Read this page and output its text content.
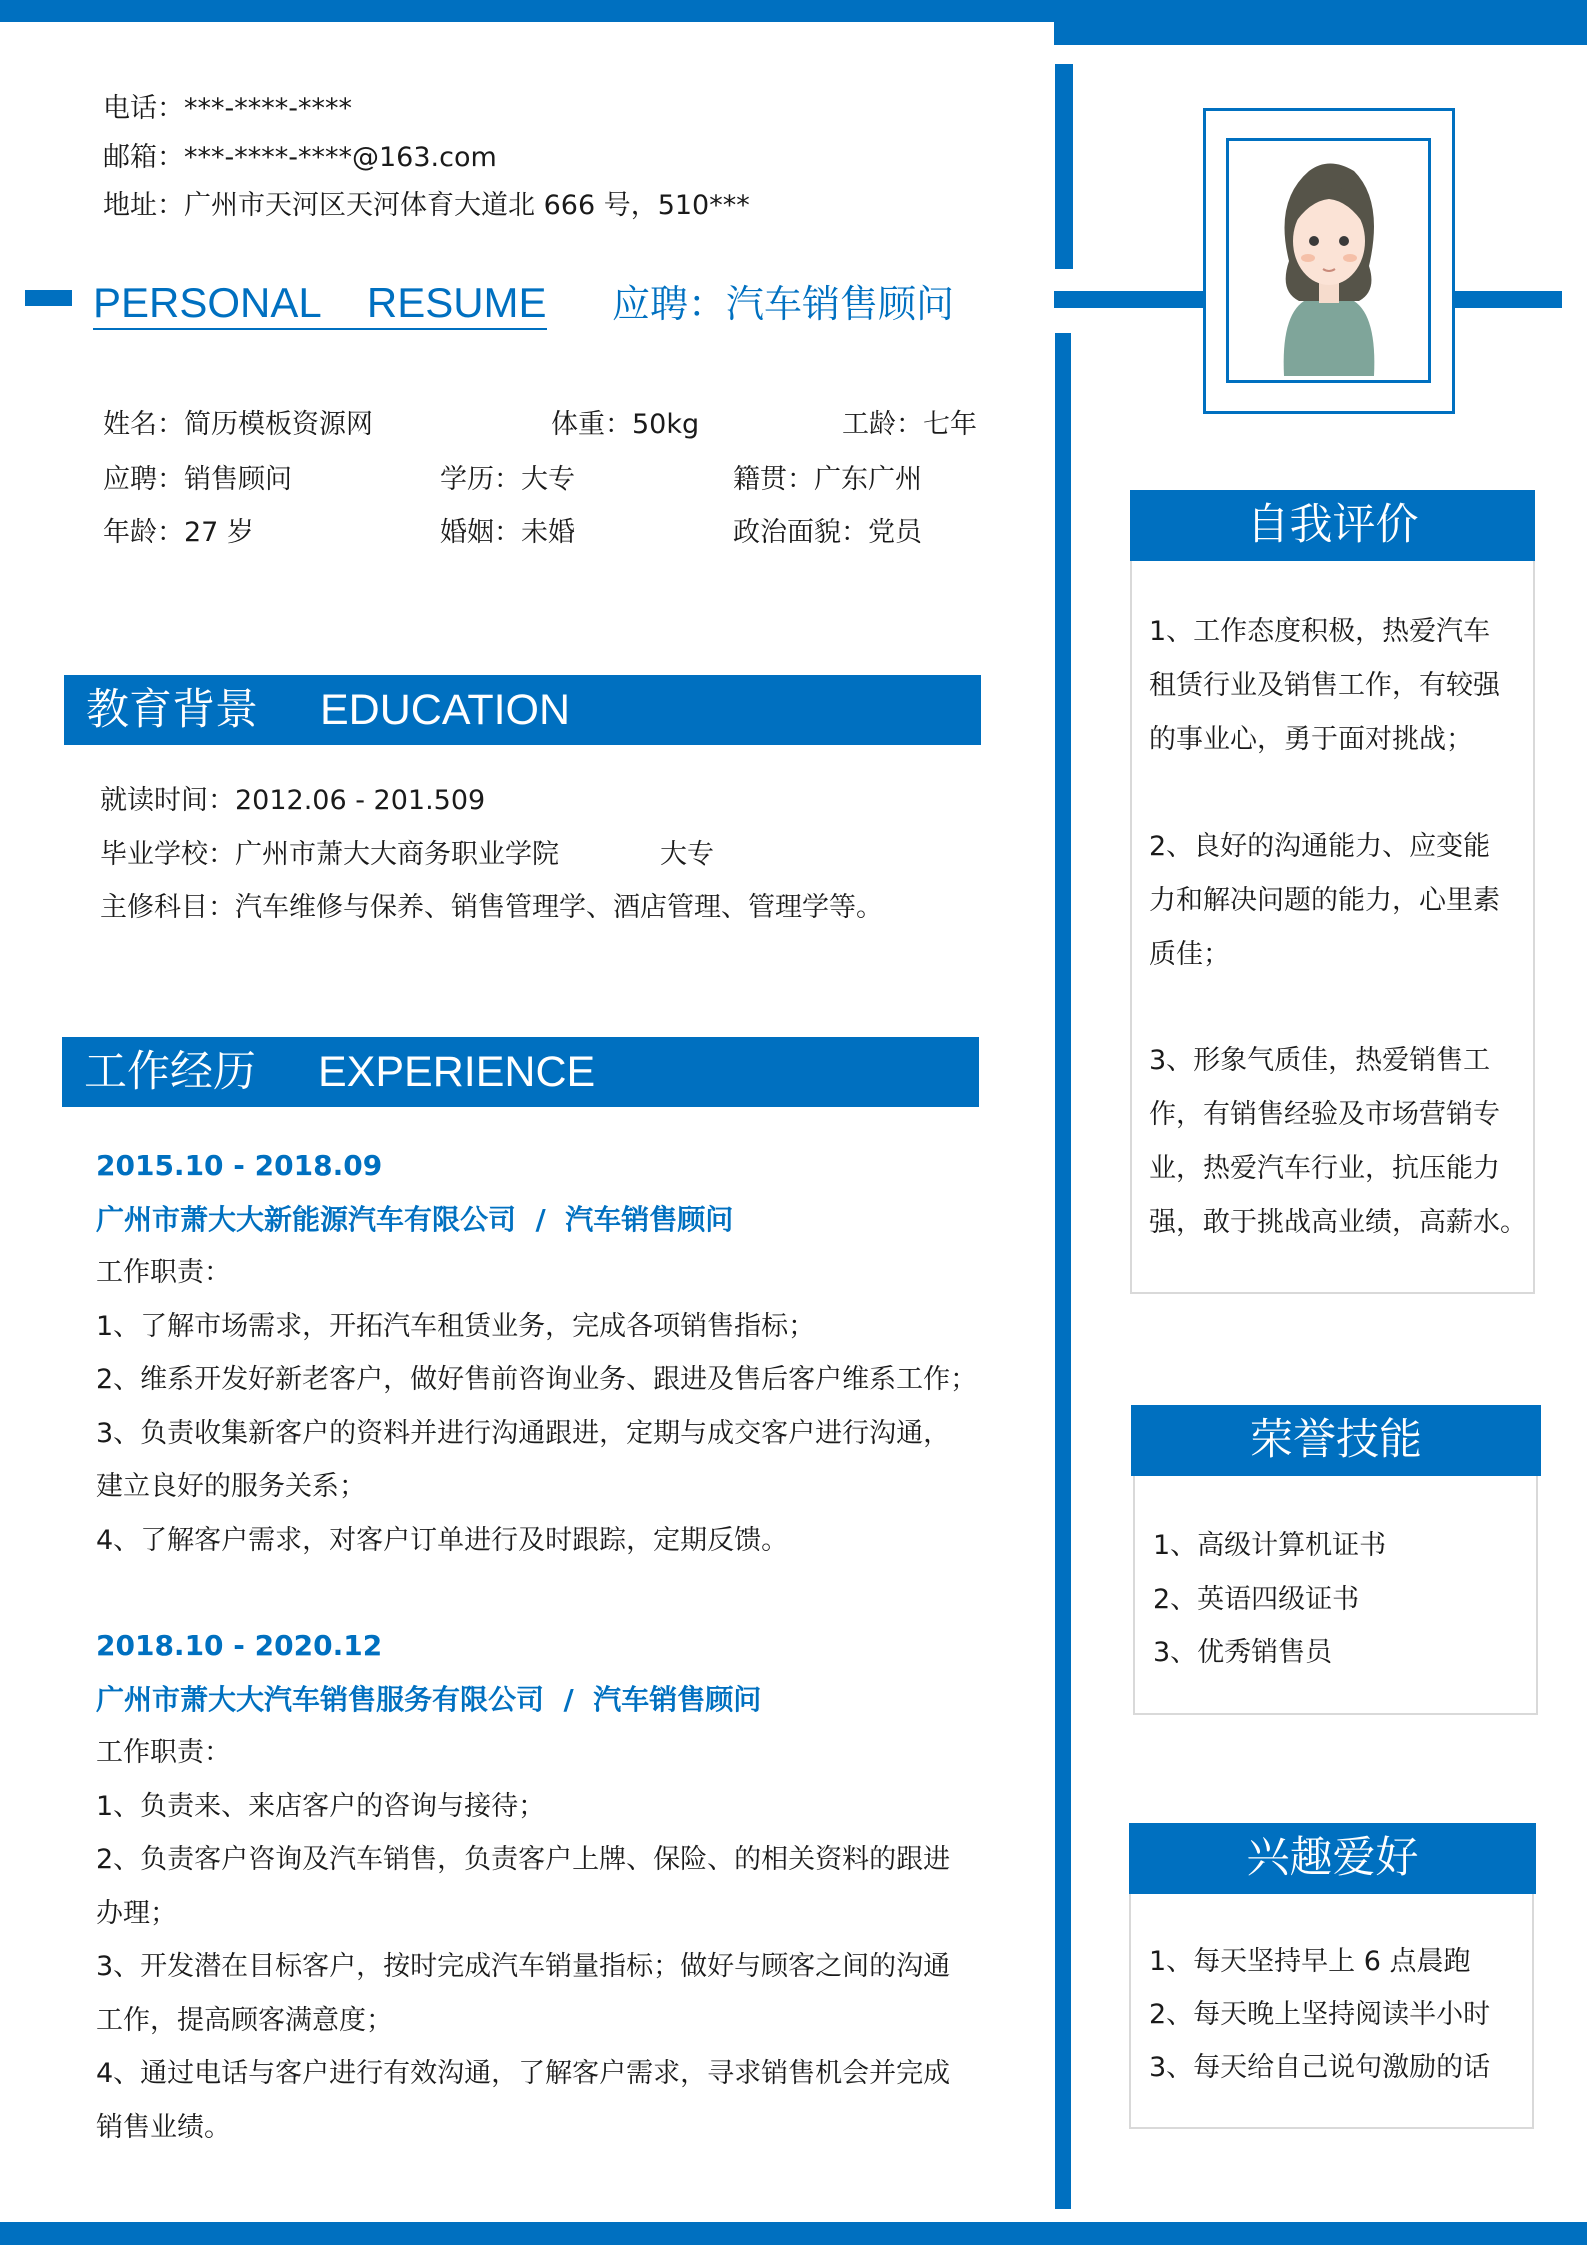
电话：***-****-****
邮箱：***-****-****@163.com
地址：广州市天河区天河体育大道北 666 号，510***
PERSONAL    RESUME 应聘：汽车销售顾问
姓名：简历模板资源网	体重：50kg	工龄：七年
应聘：销售顾问	学历：大专	籍贯：广东广州
年龄：27 岁	婚姻：未婚	政治面貌：党员
教育背景 EDUCATION
就读时间：2012.06 - 201.509
毕业学校：广州市萧大大商务职业学院	大专
主修科目：汽车维修与保养、销售管理学、酒店管理、管理学等。
工作经历 EXPERIENCE
2015.10 - 2018.09
广州市萧大大新能源汽车有限公司  /  汽车销售顾问
工作职责：
1、了解市场需求，开拓汽车租赁业务，完成各项销售指标；
2、维系开发好新老客户，做好售前咨询业务、跟进及售后客户维系工作；
3、负责收集新客户的资料并进行沟通跟进，定期与成交客户进行沟通，
建立良好的服务关系；
4、了解客户需求，对客户订单进行及时跟踪，定期反馈。
2018.10 - 2020.12
广州市萧大大汽车销售服务有限公司  /  汽车销售顾问
工作职责：
1、负责来、来店客户的咨询与接待；
2、负责客户咨询及汽车销售，负责客户上牌、保险、的相关资料的跟进
办理；
3、开发潜在目标客户，按时完成汽车销量指标；做好与顾客之间的沟通
工作，提高顾客满意度；
4、通过电话与客户进行有效沟通，了解客户需求，寻求销售机会并完成
销售业绩。
自我评价
1、工作态度积极，热爱汽车
租赁行业及销售工作，有较强
的事业心，勇于面对挑战；
2、良好的沟通能力、应变能
力和解决问题的能力，心里素
质佳；
3、形象气质佳，热爱销售工
作，有销售经验及市场营销专
业，热爱汽车行业，抗压能力
强，敢于挑战高业绩，高薪水。
荣誉技能
1、高级计算机证书
2、英语四级证书
3、优秀销售员
兴趣爱好
1、每天坚持早上 6 点晨跑
2、每天晚上坚持阅读半小时
3、每天给自己说句激励的话
